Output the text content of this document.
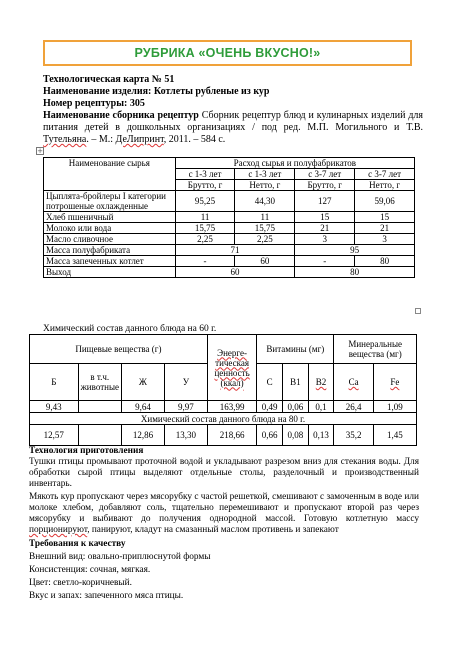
РУБРИКА «ОЧЕНЬ ВКУСНО!»
Технологическая карта № 51
Наименование изделия: Котлеты рубленые из кур
Номер рецептуры: 305
Наименование сборника рецептур Сборник рецептур блюд и кулинарных изделий для питания детей в дошкольных организациях / под ред. М.П. Могильного и Т.В. Тутельяна. – М.: ДеЛипринт, 2011. – 584 с.
+
Наименование сырья	Расход сырья и полуфабрикатов			
	с 1-3 лет	с 1-3 лет	с 3-7 лет	с 3-7 лет
	Брутто, г	Нетто, г	Брутто, г	Нетто, г
Цыплята-бройлеры I категории потрошеные охлажденные	95,25	44,30	127	59,06
Хлеб пшеничный	11	11	15	15
Молоко или вода	15,75	15,75	21	21
Масло сливочное	2,25	2,25	3	3
Масса полуфабриката	71		95	
Масса запеченных котлет	-	60	-	80
Выход	60		80	
Химический состав данного блюда на 60 г.
Пищевые вещества (г)				Энерге-тическая ценность (ккал)	Витамины (мг)			Минеральные вещества (мг)	
Б	в т.ч. животные	Ж	У		С	B1	B2	Ca	Fe
9,43		9,64	9,97	163,99	0,49	0,06	0,1	26,4	1,09
Химический состав данного блюда на 80 г.									
12,57		12,86	13,30	218,66	0,66	0,08	0,13	35,2	1,45
Технология приготовления

Тушки птицы промывают проточной водой и укладывают разрезом вниз для стекания воды. Для обработки сырой птицы выделяют отдельные столы, разделочный и производственный инвентарь.

Мякоть кур пропускают через мясорубку с частой решеткой, смешивают с замоченным в воде или молоке хлебом, добавляют соль, тщательно перемешивают и пропускают второй раз через мясорубку и выбивают до получения однородной массой. Готовую котлетную массу порционируют, панируют, кладут на смазанный маслом противень и запекают

Требования к качеству
Внешний вид: овально-приплюснутой формы
Консистенция: сочная, мягкая.
Цвет: светло-коричневый.
Вкус и запах: запеченного мяса птицы.
